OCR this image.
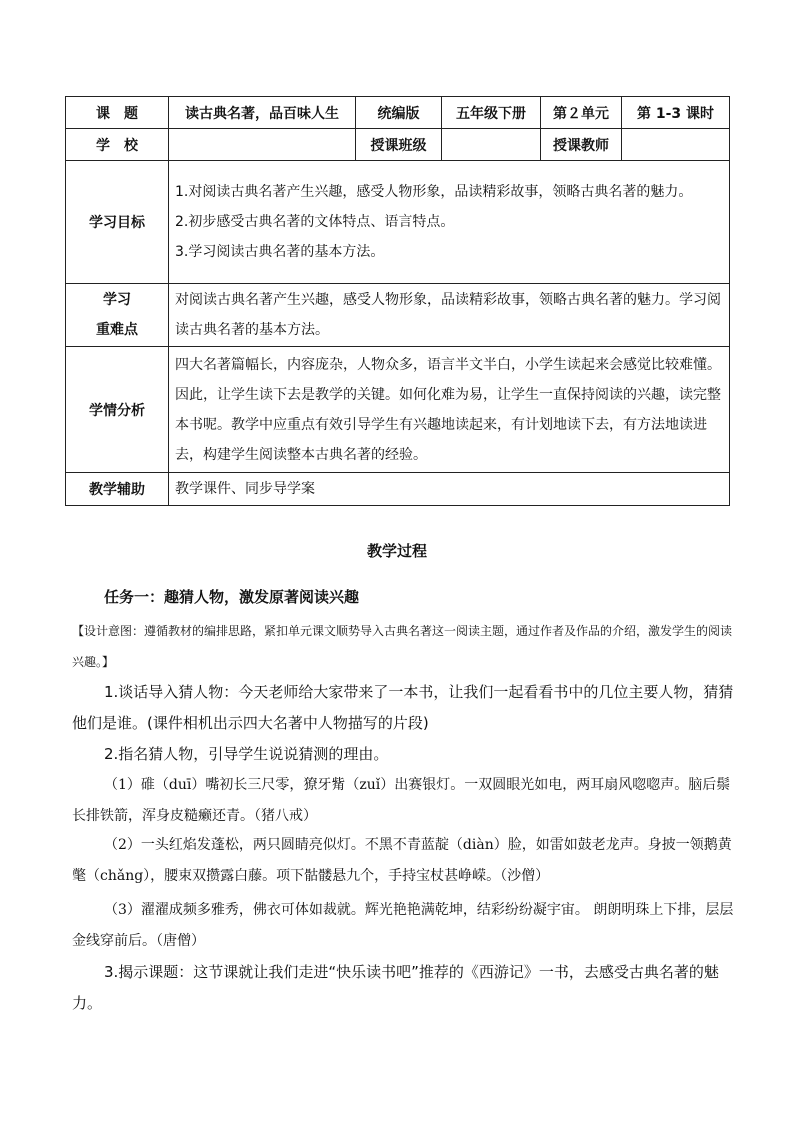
课　题	读古典名著，品百味人生	统编版	五年级下册	第２单元	第 1-3 课时
学　校		授课班级		授课教师	
学习目标	1.对阅读古典名著产生兴趣，感受人物形象，品读精彩故事，领略古典名著的魅力。
2.初步感受古典名著的文体特点、语言特点。
3.学习阅读古典名著的基本方法。				

学习
重难点	对阅读古典名著产生兴趣，感受人物形象，品读精彩故事，领略古典名著的魅力。学习阅读古典名著的基本方法。				
学情分析	四大名著篇幅长，内容庞杂，人物众多，语言半文半白，小学生读起来会感觉比较难懂。因此，让学生读下去是教学的关键。如何化难为易，让学生一直保持阅读的兴趣，读完整本书呢。教学中应重点有效引导学生有兴趣地读起来，有计划地读下去，有方法地读进去，构建学生阅读整本古典名著的经验。				
教学辅助	教学课件、同步导学案				
教学过程
任务一：趣猜人物，激发原著阅读兴趣
【设计意图：遵循教材的编排思路，紧扣单元课文顺势导入古典名著这一阅读主题，通过作者及作品的介绍，激发学生的阅读兴趣。】
1.谈话导入猜人物：今天老师给大家带来了一本书，让我们一起看看书中的几位主要人物，猜猜他们是谁。(课件相机出示四大名著中人物描写的片段)
2.指名猜人物，引导学生说说猜测的理由。
（1）碓（duī）嘴初长三尺零，獠牙觜（zuǐ）出赛银灯。一双圆眼光如电，两耳扇风唿唿声。脑后鬃长排铁箭，浑身皮糙癞还青。（猪八戒）
（2）一头红焰发蓬松，两只圆睛亮似灯。不黑不青蓝靛（diàn）脸，如雷如鼓老龙声。身披一领鹅黄氅（chǎng），腰束双攒露白藤。项下骷髅悬九个，手持宝杖甚峥嵘。（沙僧）
（3）濯濯成频多雅秀，佛衣可体如裁就。辉光艳艳满乾坤，结彩纷纷凝宇宙。 朗朗明珠上下排，层层金线穿前后。（唐僧）
3.揭示课题：这节课就让我们走进“快乐读书吧”推荐的《西游记》一书，去感受古典名著的魅力。
